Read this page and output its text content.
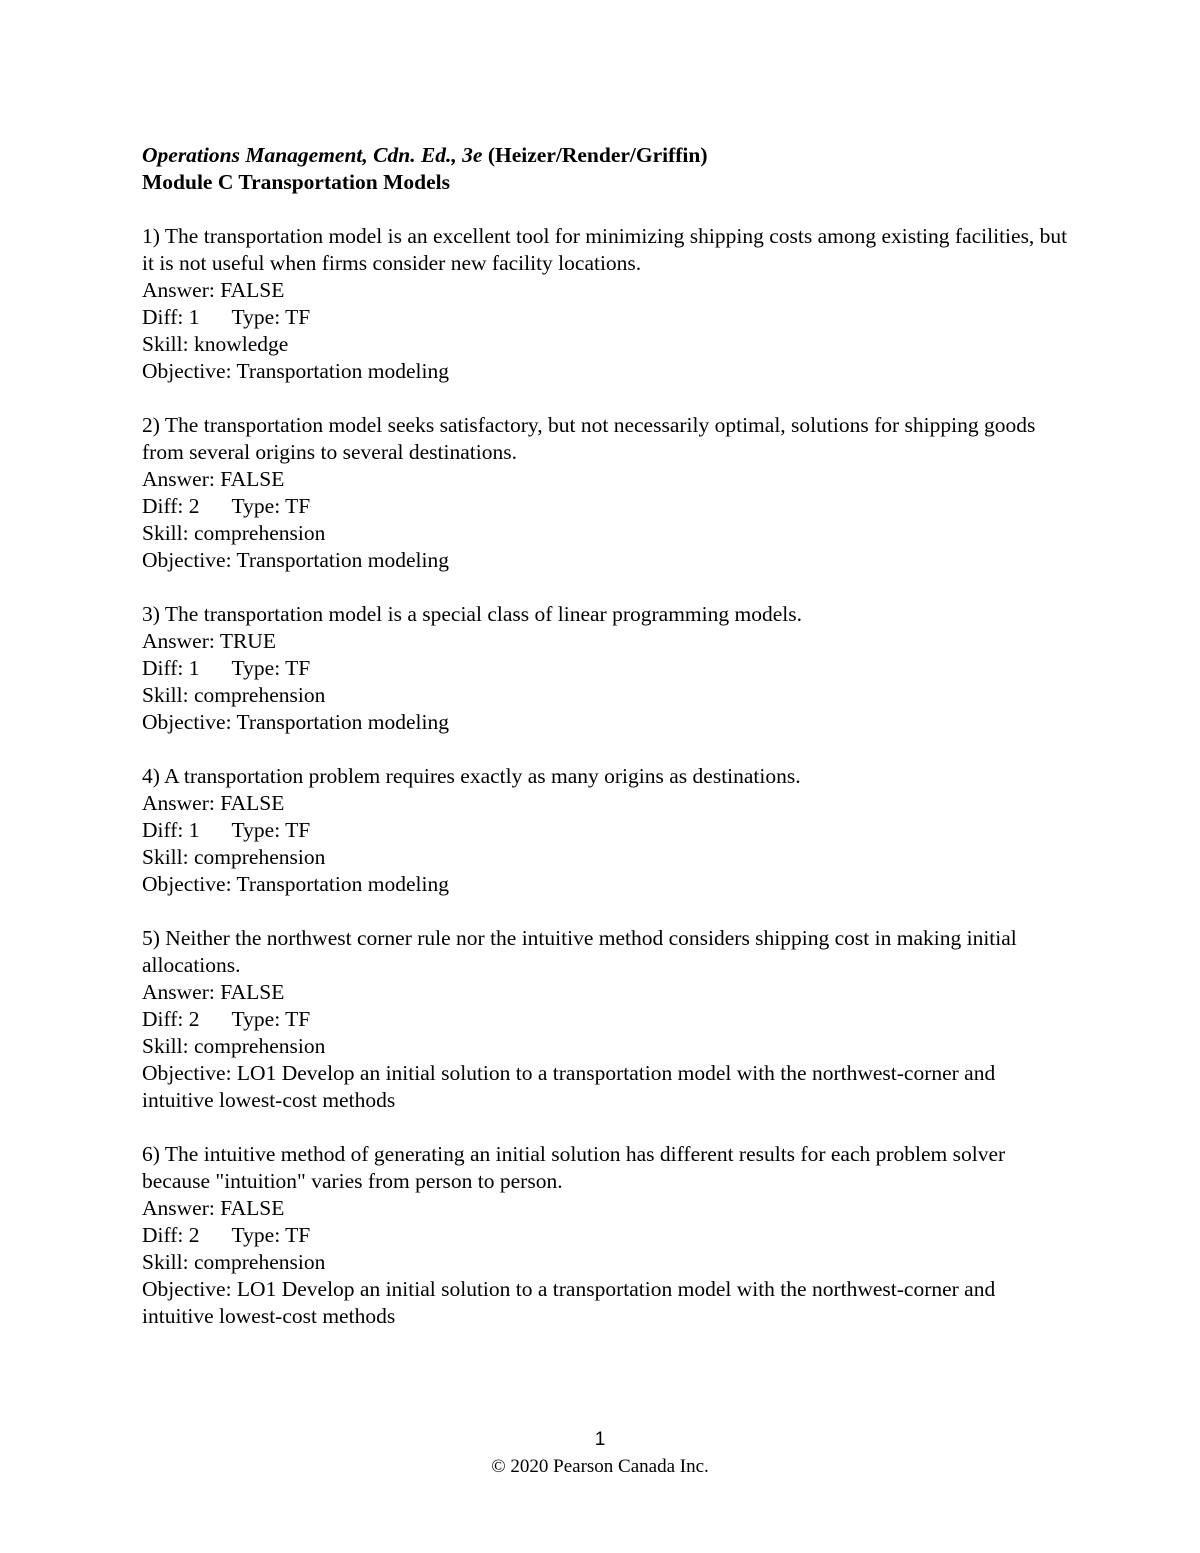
Operations Management, Cdn. Ed., 3e (Heizer/Render/Griffin)
Module C Transportation Models
1) The transportation model is an excellent tool for minimizing shipping costs among existing facilities, but it is not useful when firms consider new facility locations.
Answer: FALSE
Diff: 1 Type: TF
Skill: knowledge
Objective: Transportation modeling
2) The transportation model seeks satisfactory, but not necessarily optimal, solutions for shipping goods from several origins to several destinations.
Answer: FALSE
Diff: 2 Type: TF
Skill: comprehension
Objective: Transportation modeling
3) The transportation model is a special class of linear programming models.
Answer: TRUE
Diff: 1 Type: TF
Skill: comprehension
Objective: Transportation modeling
4) A transportation problem requires exactly as many origins as destinations.
Answer: FALSE
Diff: 1 Type: TF
Skill: comprehension
Objective: Transportation modeling
5) Neither the northwest corner rule nor the intuitive method considers shipping cost in making initial allocations.
Answer: FALSE
Diff: 2 Type: TF
Skill: comprehension
Objective: LO1 Develop an initial solution to a transportation model with the northwest-corner and intuitive lowest-cost methods
6) The intuitive method of generating an initial solution has different results for each problem solver because "intuition" varies from person to person.
Answer: FALSE
Diff: 2 Type: TF
Skill: comprehension
Objective: LO1 Develop an initial solution to a transportation model with the northwest-corner and intuitive lowest-cost methods
1
© 2020 Pearson Canada Inc.
